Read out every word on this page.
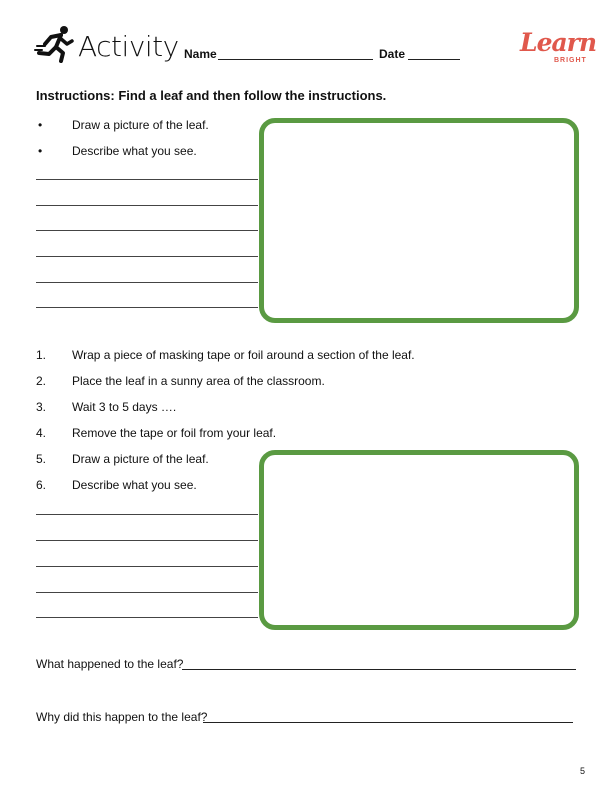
Activity Name	Date	Learn
BRIGHT
Instructions: Find a leaf and then follow the instructions.
• Draw a picture of the leaf.
• Describe what you see.
1. Wrap a piece of masking tape or foil around a section of the leaf.
2. Place the leaf in a sunny area of the classroom.
3. Wait 3 to 5 days ….
4. Remove the tape or foil from your leaf.
5. Draw a picture of the leaf.
6. Describe what you see.
What happened to the leaf?
Why did this happen to the leaf?
5
